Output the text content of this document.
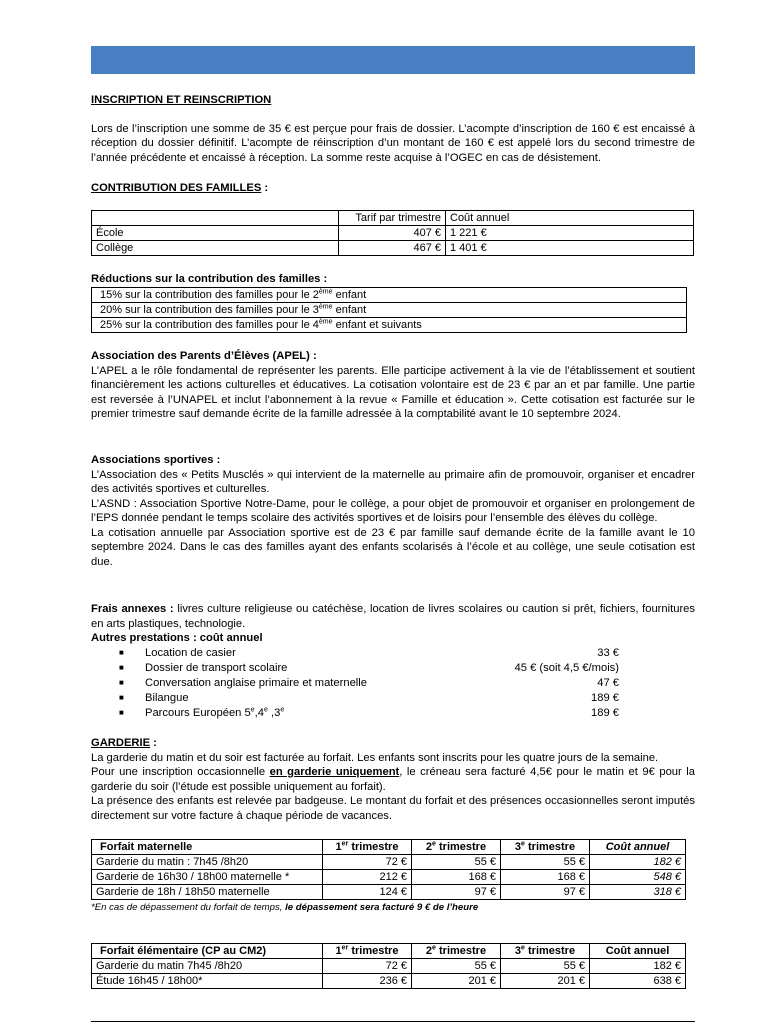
INSCRIPTION ET REINSCRIPTION
Lors de l’inscription une somme de 35 € est perçue pour frais de dossier. L’acompte d’inscription de 160 € est encaissé à réception du dossier définitif. L’acompte de réinscription d’un montant de 160 € est appelé lors du second trimestre de l’année précédente et encaissé à réception. La somme reste acquise à l’OGEC en cas de désistement.
CONTRIBUTION DES FAMILLES :
	Tarif par trimestre	Coût annuel
École	407 €	1 221 €
Collège	467 €	1 401 €
Réductions sur la contribution des familles :
15% sur la contribution des familles pour le 2ème enfant
20% sur la contribution des familles pour le 3ème enfant
25% sur la contribution des familles pour le 4ème enfant et suivants
Association des Parents d’Élèves (APEL) :
L’APEL a le rôle fondamental de représenter les parents. Elle participe activement à la vie de l’établissement et soutient financièrement les actions culturelles et éducatives. La cotisation volontaire est de 23 € par an et par famille. Une partie est reversée à l’UNAPEL et inclut l’abonnement à la revue « Famille et éducation ». Cette cotisation est facturée sur le premier trimestre sauf demande écrite de la famille adressée à la comptabilité avant le 10 septembre 2024.
Associations sportives :
L’Association des « Petits Musclés » qui intervient de la maternelle au primaire afin de promouvoir, organiser et encadrer des activités sportives et culturelles.
L’ASND : Association Sportive Notre-Dame, pour le collège, a pour objet de promouvoir et organiser en prolongement de l’EPS donnée pendant le temps scolaire des activités sportives et de loisirs pour l’ensemble des élèves du collège.
La cotisation annuelle par Association sportive est de 23 € par famille sauf demande écrite de la famille avant le 10 septembre 2024. Dans le cas des familles ayant des enfants scolarisés à l’école et au collège, une seule cotisation est due.
Frais annexes : livres culture religieuse ou catéchèse, location de livres scolaires ou caution si prêt, fichiers, fournitures en arts plastiques, technologie.
Autres prestations : coût annuel
■ Location de casier	33 €
■ Dossier de transport scolaire	45 € (soit 4,5 €/mois)
■ Conversation anglaise primaire et maternelle	47 €
■ Bilangue	189 €
■ Parcours Européen 5e,4e ,3e	189 €
GARDERIE :
La garderie du matin et du soir est facturée au forfait. Les enfants sont inscrits pour les quatre jours de la semaine.
Pour une inscription occasionnelle en garderie uniquement, le créneau sera facturé 4,5€ pour le matin et 9€ pour la garderie du soir (l’étude est possible uniquement au forfait).
La présence des enfants est relevée par badgeuse. Le montant du forfait et des présences occasionnelles seront imputés directement sur votre facture à chaque période de vacances.
Forfait maternelle	1er trimestre	2e trimestre	3e trimestre	Coût annuel
Garderie du matin : 7h45 /8h20	72 €	55 €	55 €	182 €
Garderie de 16h30 / 18h00 maternelle *	212 €	168 €	168 €	548 €
Garderie de 18h / 18h50 maternelle	124 €	97 €	97 €	318 €
*En cas de dépassement du forfait de temps, le dépassement sera facturé 9 € de l’heure
Forfait élémentaire (CP au CM2)	1er trimestre	2e trimestre	3e trimestre	Coût annuel
Garderie du matin 7h45 /8h20	72 €	55 €	55 €	182 €
Étude 16h45 / 18h00*	236 €	201 €	201 €	638 €
